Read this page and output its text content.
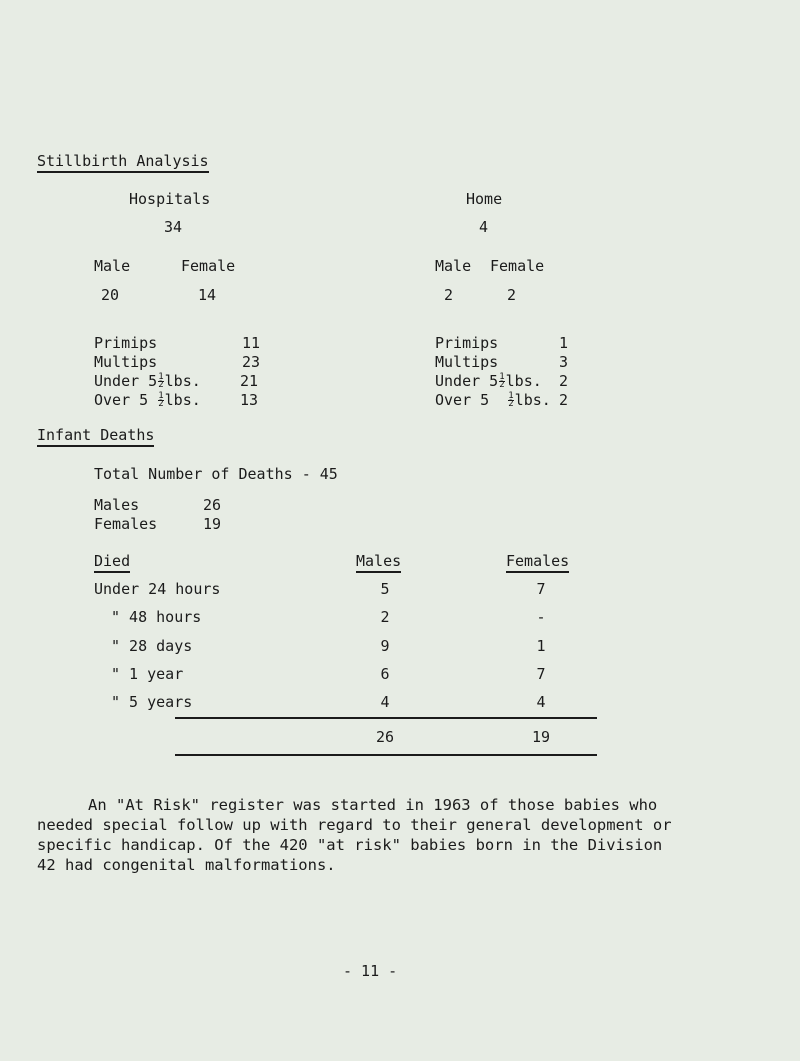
Stillbirth Analysis
Hospitals
34
Male	Female
20	14
Home
4
Male Female
2	2
Primips	11
Multips	23
Under $5 \frac{1}{2}$ lbs.	21
Over $5 \frac{1}{2}$ lbs.	13
Primips	1
Multips	3
Under $5 \frac{1}{2}$ lbs. 2
Over $5 \frac{1}{2}$ lbs. 2
Infant Deaths
Total Number of Deaths - 45
Males	26
Females	19
Died	Males	Females
Under 24 hours	5	7
" 48 hours	2	-
" 28 days	9	1
" 1 year	6	7
" 5 years	4	4
26	19

An "At Risk" register was started in 1963 of those babies who

needed special follow up with regard to their general development or

specific handicap. Of the 420 "at risk" babies born in the Division

42 had congenital malformations.

- 11 -
